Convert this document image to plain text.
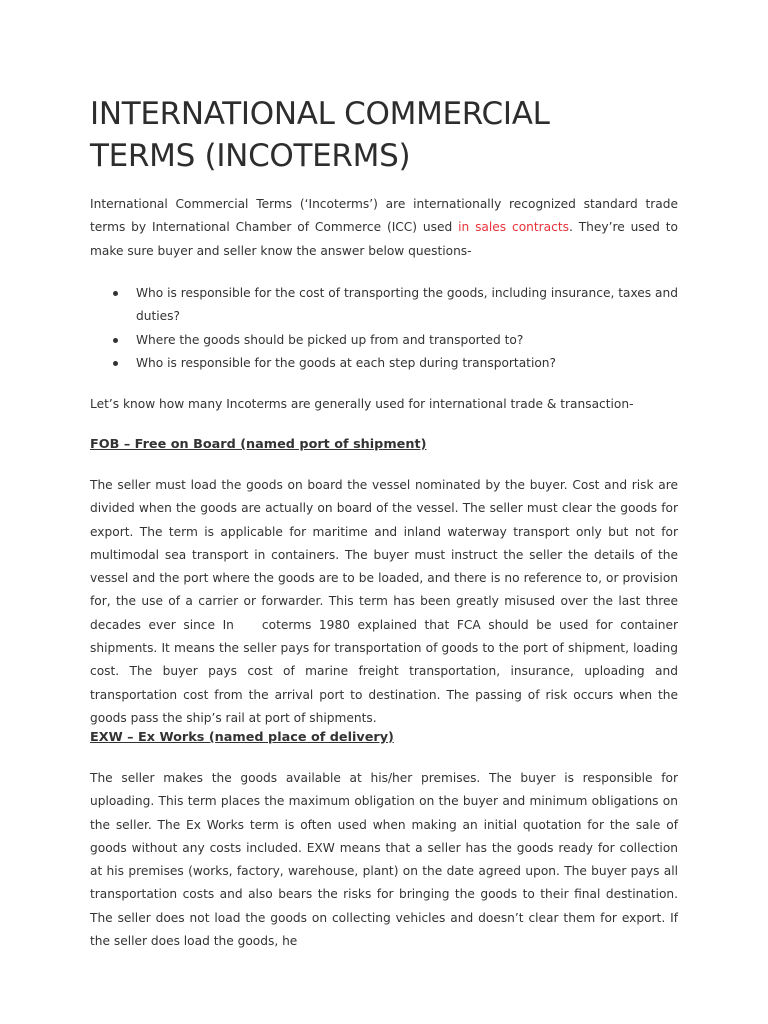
INTERNATIONAL COMMERCIAL
TERMS (INCOTERMS)

International Commercial Terms (‘Incoterms’) are internationally recognized standard trade terms by International Chamber of Commerce (ICC) used in sales contracts. They’re used to make sure buyer and seller know the answer below questions-

Who is responsible for the cost of transporting the goods, including insurance, taxes and duties?
Where the goods should be picked up from and transported to?
Who is responsible for the goods at each step during transportation?

Let’s know how many Incoterms are generally used for international trade & transaction-

FOB – Free on Board (named port of shipment)

The seller must load the goods on board the vessel nominated by the buyer. Cost and risk are divided when the goods are actually on board of the vessel. The seller must clear the goods for export. The term is applicable for maritime and inland waterway transport only but not for multimodal sea transport in containers. The buyer must instruct the seller the details of the vessel and the port where the goods are to be loaded, and there is no reference to, or provision for, the use of a carrier or forwarder. This term has been greatly misused over the last three decades ever since In coterms 1980 explained that FCA should be used for container shipments. It means the seller pays for transportation of goods to the port of shipment, loading cost. The buyer pays cost of marine freight transportation, insurance, uploading and transportation cost from the arrival port to destination. The passing of risk occurs when the goods pass the ship’s rail at port of shipments.

EXW – Ex Works (named place of delivery)

The seller makes the goods available at his/her premises. The buyer is responsible for uploading. This term places the maximum obligation on the buyer and minimum obligations on the seller. The Ex Works term is often used when making an initial quotation for the sale of goods without any costs included. EXW means that a seller has the goods ready for collection at his premises (works, factory, warehouse, plant) on the date agreed upon. The buyer pays all transportation costs and also bears the risks for bringing the goods to their final destination. The seller does not load the goods on collecting vehicles and doesn’t clear them for export. If the seller does load the goods, he
